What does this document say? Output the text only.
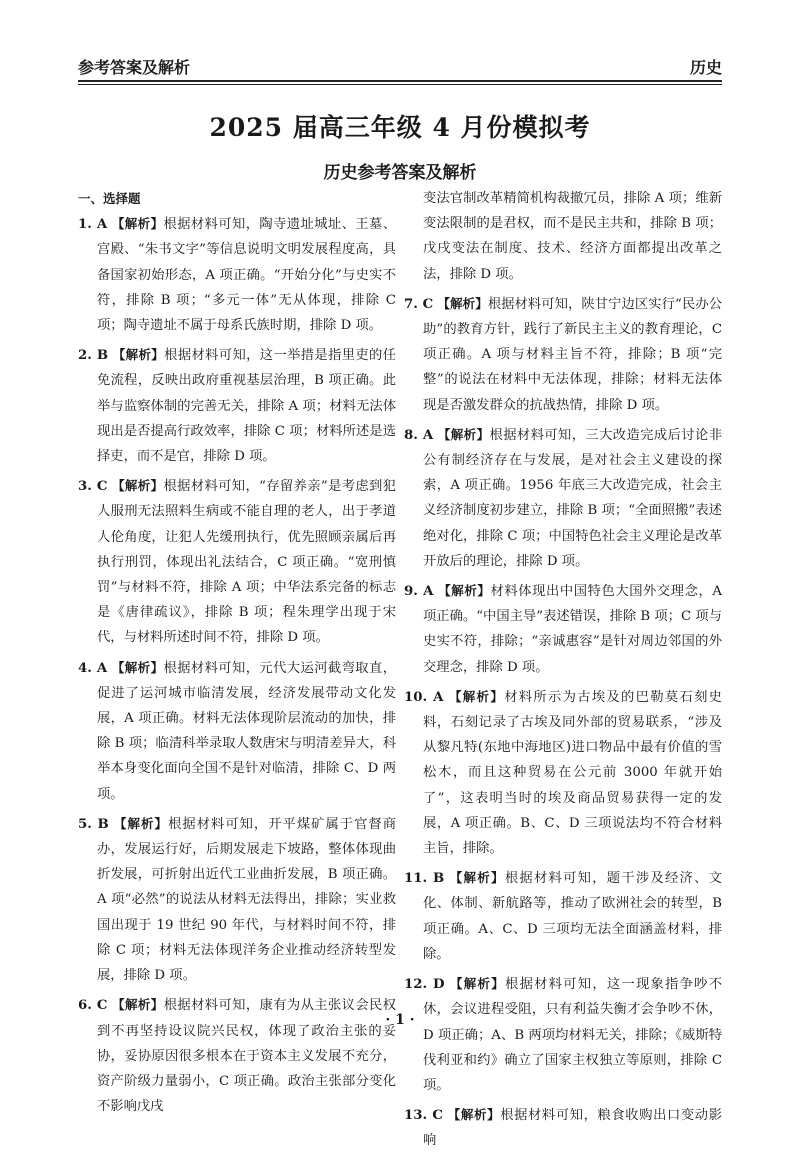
参考答案及解析	历史
2025 届高三年级 4 月份模拟考
历史参考答案及解析
一、选择题
1. A 【解析】根据材料可知，陶寺遗址城址、王墓、宫殿、“朱书文字”等信息说明文明发展程度高，具备国家初始形态，A 项正确。“开始分化”与史实不符，排除 B 项；“多元一体”无从体现，排除 C 项；陶寺遗址不属于母系氏族时期，排除 D 项。
2. B 【解析】根据材料可知，这一举措是指里吏的任免流程，反映出政府重视基层治理，B 项正确。此举与监察体制的完善无关，排除 A 项；材料无法体现出是否提高行政效率，排除 C 项；材料所述是选择吏，而不是官，排除 D 项。
3. C 【解析】根据材料可知，“存留养亲”是考虑到犯人服刑无法照料生病或不能自理的老人，出于孝道人伦角度，让犯人先缓刑执行，优先照顾亲属后再执行刑罚，体现出礼法结合，C 项正确。“宽刑慎罚”与材料不符，排除 A 项；中华法系完备的标志是《唐律疏议》，排除 B 项；程朱理学出现于宋代，与材料所述时间不符，排除 D 项。
4. A 【解析】根据材料可知，元代大运河截弯取直，促进了运河城市临清发展，经济发展带动文化发展，A 项正确。材料无法体现阶层流动的加快，排除 B 项；临清科举录取人数唐宋与明清差异大，科举本身变化面向全国不是针对临清，排除 C、D 两项。
5. B 【解析】根据材料可知，开平煤矿属于官督商办，发展运行好，后期发展走下坡路，整体体现曲折发展，可折射出近代工业曲折发展，B 项正确。A 项“必然”的说法从材料无法得出，排除；实业救国出现于 19 世纪 90 年代，与材料时间不符，排除 C 项；材料无法体现洋务企业推动经济转型发展，排除 D 项。
6. C 【解析】根据材料可知，康有为从主张议会民权到不再坚持设议院兴民权，体现了政治主张的妥协，妥协原因很多根本在于资本主义发展不充分，资产阶级力量弱小，C 项正确。政治主张部分变化不影响戊戌
变法官制改革精简机构裁撤冗员，排除 A 项；维新变法限制的是君权，而不是民主共和，排除 B 项；戊戌变法在制度、技术、经济方面都提出改革之法，排除 D 项。
7. C 【解析】根据材料可知，陕甘宁边区实行“民办公助”的教育方针，践行了新民主主义的教育理论，C 项正确。A 项与材料主旨不符，排除；B 项“完整”的说法在材料中无法体现，排除；材料无法体现是否激发群众的抗战热情，排除 D 项。
8. A 【解析】根据材料可知，三大改造完成后讨论非公有制经济存在与发展，是对社会主义建设的探索，A 项正确。1956 年底三大改造完成，社会主义经济制度初步建立，排除 B 项；“全面照搬”表述绝对化，排除 C 项；中国特色社会主义理论是改革开放后的理论，排除 D 项。
9. A 【解析】材料体现出中国特色大国外交理念，A 项正确。“中国主导”表述错误，排除 B 项；C 项与史实不符，排除；“亲诚惠容”是针对周边邻国的外交理念，排除 D 项。
10. A 【解析】材料所示为古埃及的巴勒莫石刻史料，石刻记录了古埃及同外部的贸易联系，“涉及从黎凡特(东地中海地区)进口物品中最有价值的雪松木，而且这种贸易在公元前 3000 年就开始了”，这表明当时的埃及商品贸易获得一定的发展，A 项正确。B、C、D 三项说法均不符合材料主旨，排除。
11. B 【解析】根据材料可知，题干涉及经济、文化、体制、新航路等，推动了欧洲社会的转型，B 项正确。A、C、D 三项均无法全面涵盖材料，排除。
12. D 【解析】根据材料可知，这一现象指争吵不休，会议进程受阻，只有利益失衡才会争吵不休，D 项正确；A、B 两项均材料无关，排除；《威斯特伐利亚和约》确立了国家主权独立等原则，排除 C 项。
13. C 【解析】根据材料可知，粮食收购出口变动影响
· 1 ·
